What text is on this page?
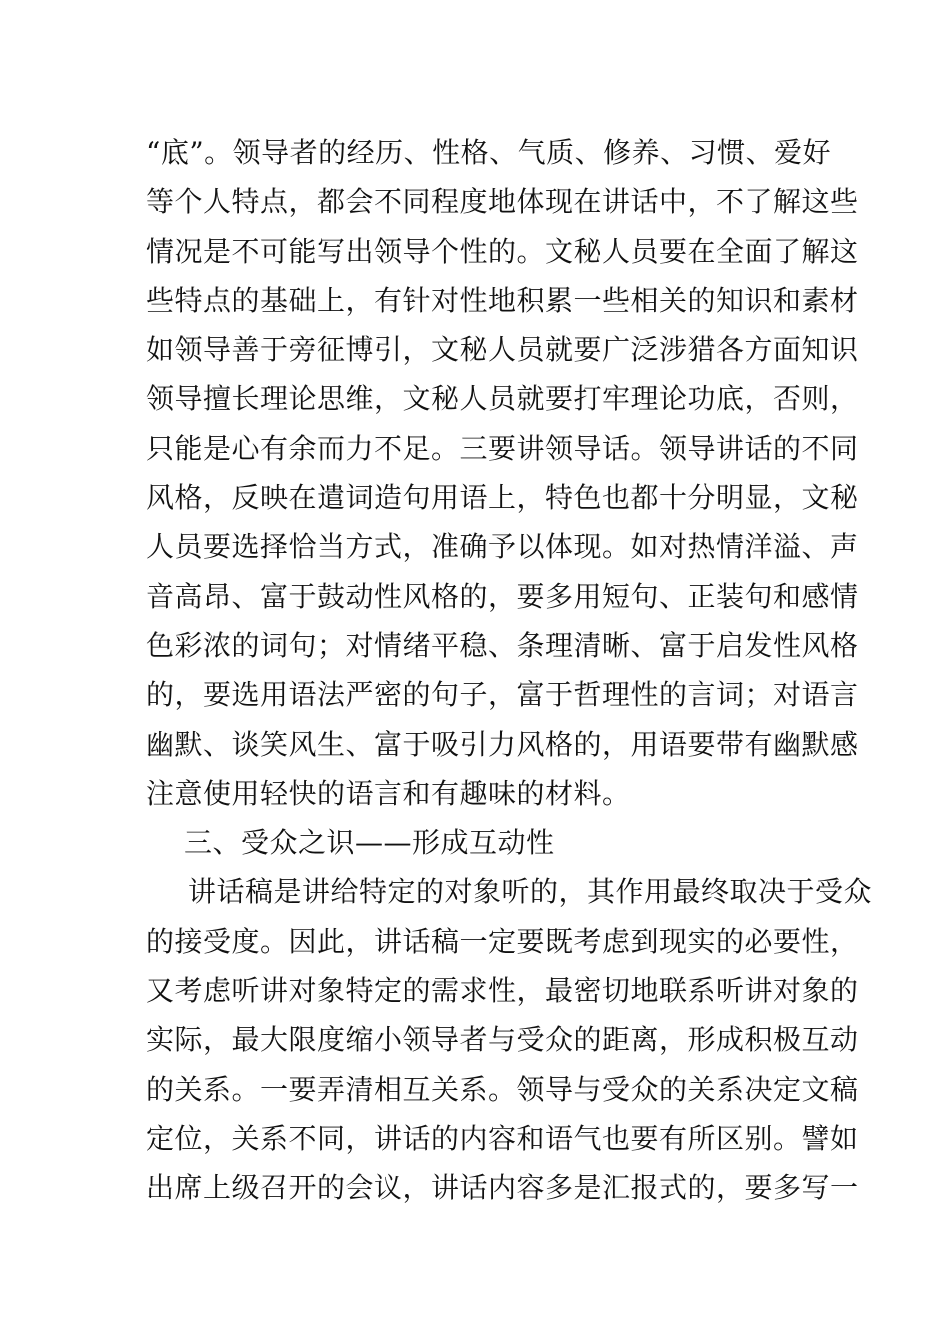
“底”。领导者的经历、性格、气质、修养、习惯、爱好
等个人特点，都会不同程度地体现在讲话中，不了解这些
情况是不可能写出领导个性的。文秘人员要在全面了解这
些特点的基础上，有针对性地积累一些相关的知识和素材
如领导善于旁征博引，文秘人员就要广泛涉猎各方面知识
领导擅长理论思维，文秘人员就要打牢理论功底，否则，
只能是心有余而力不足。三要讲领导话。领导讲话的不同
风格，反映在遣词造句用语上，特色也都十分明显，文秘
人员要选择恰当方式，准确予以体现。如对热情洋溢、声
音高昂、富于鼓动性风格的，要多用短句、正装句和感情
色彩浓的词句；对情绪平稳、条理清晰、富于启发性风格
的，要选用语法严密的句子，富于哲理性的言词；对语言
幽默、谈笑风生、富于吸引力风格的，用语要带有幽默感
注意使用轻快的语言和有趣味的材料。
三、受众之识——形成互动性
讲话稿是讲给特定的对象听的，其作用最终取决于受众
的接受度。因此，讲话稿一定要既考虑到现实的必要性，
又考虑听讲对象特定的需求性，最密切地联系听讲对象的
实际，最大限度缩小领导者与受众的距离，形成积极互动
的关系。一要弄清相互关系。领导与受众的关系决定文稿
定位，关系不同，讲话的内容和语气也要有所区别。譬如
出席上级召开的会议，讲话内容多是汇报式的，要多写一
